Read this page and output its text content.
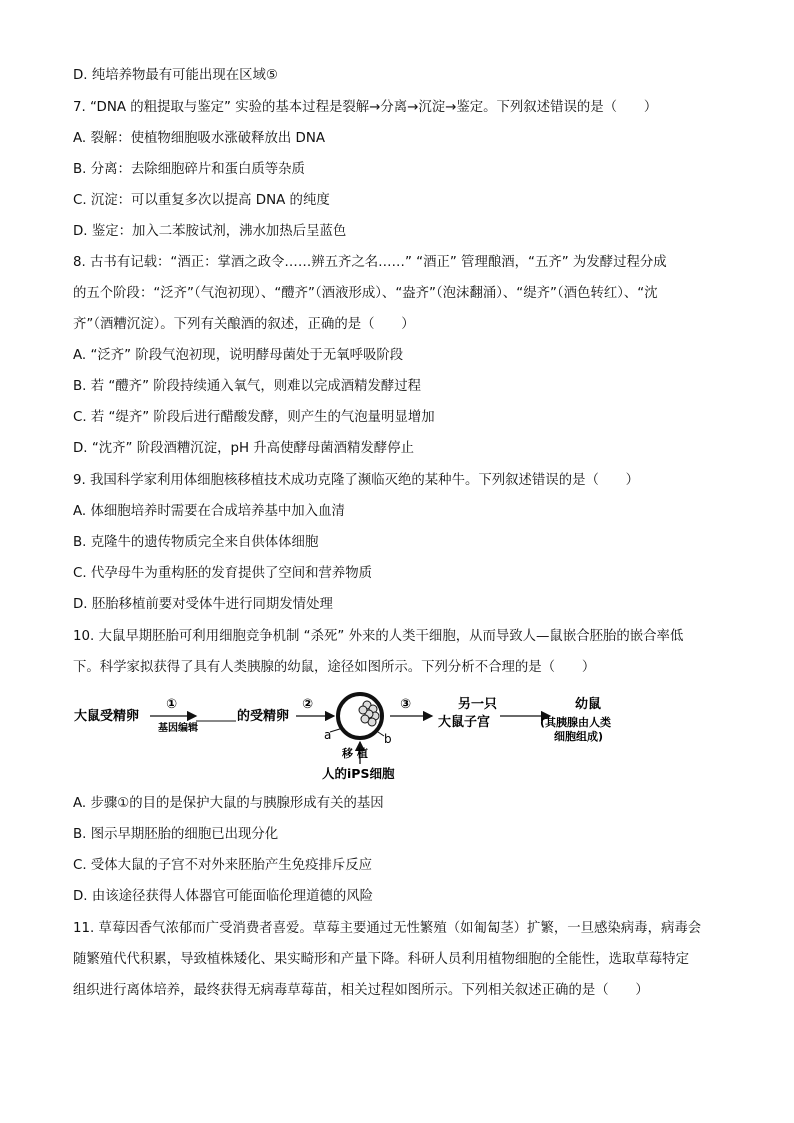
D. 纯培养物最有可能出现在区域⑤
7. “DNA 的粗提取与鉴定” 实验的基本过程是裂解→分离→沉淀→鉴定。下列叙述错误的是（　　）
A. 裂解：使植物细胞吸水涨破释放出 DNA
B. 分离：去除细胞碎片和蛋白质等杂质
C. 沉淀：可以重复多次以提高 DNA 的纯度
D. 鉴定：加入二苯胺试剂，沸水加热后呈蓝色
8. 古书有记载：“酒正：掌酒之政令……辨五齐之名……” “酒正” 管理酿酒，“五齐” 为发酵过程分成
的五个阶段：“泛齐”（气泡初现）、“醴齐”（酒液形成）、“盎齐”（泡沫翻涌）、“缇齐”（酒色转红）、“沈
齐”（酒糟沉淀）。下列有关酿酒的叙述，正确的是（　　）
A. “泛齐” 阶段气泡初现，说明酵母菌处于无氧呼吸阶段
B. 若 “醴齐” 阶段持续通入氧气，则难以完成酒精发酵过程
C. 若 “缇齐” 阶段后进行醋酸发酵，则产生的气泡量明显增加
D. “沈齐” 阶段酒糟沉淀，pH 升高使酵母菌酒精发酵停止
9. 我国科学家利用体细胞核移植技术成功克隆了濒临灭绝的某种牛。下列叙述错误的是（　　）
A. 体细胞培养时需要在合成培养基中加入血清
B. 克隆牛的遗传物质完全来自供体体细胞
C. 代孕母牛为重构胚的发育提供了空间和营养物质
D. 胚胎移植前要对受体牛进行同期发情处理
10. 大鼠早期胚胎可利用细胞竞争机制 “杀死” 外来的人类干细胞，从而导致人—鼠嵌合胚胎的嵌合率低
下。科学家拟获得了具有人类胰腺的幼鼠，途径如图所示。下列分析不合理的是（　　）
A. 步骤①的目的是保护大鼠的与胰腺形成有关的基因
B. 图示早期胚胎的细胞已出现分化
C. 受体大鼠的子宫不对外来胚胎产生免疫排斥反应
D. 由该途径获得人体器官可能面临伦理道德的风险
11. 草莓因香气浓郁而广受消费者喜爱。草莓主要通过无性繁殖（如匍匐茎）扩繁，一旦感染病毒，病毒会
随繁殖代代积累，导致植株矮化、果实畸形和产量下降。科研人员利用植物细胞的全能性，选取草莓特定
组织进行离体培养，最终获得无病毒草莓苗，相关过程如图所示。下列相关叙述正确的是（　　）
大鼠受精卵
①
基因编辑
的受精卵
②
a	b
移 植
人的iPS细胞
③	另一只
大鼠子宫
幼鼠
(其胰腺由人类
细胞组成)
